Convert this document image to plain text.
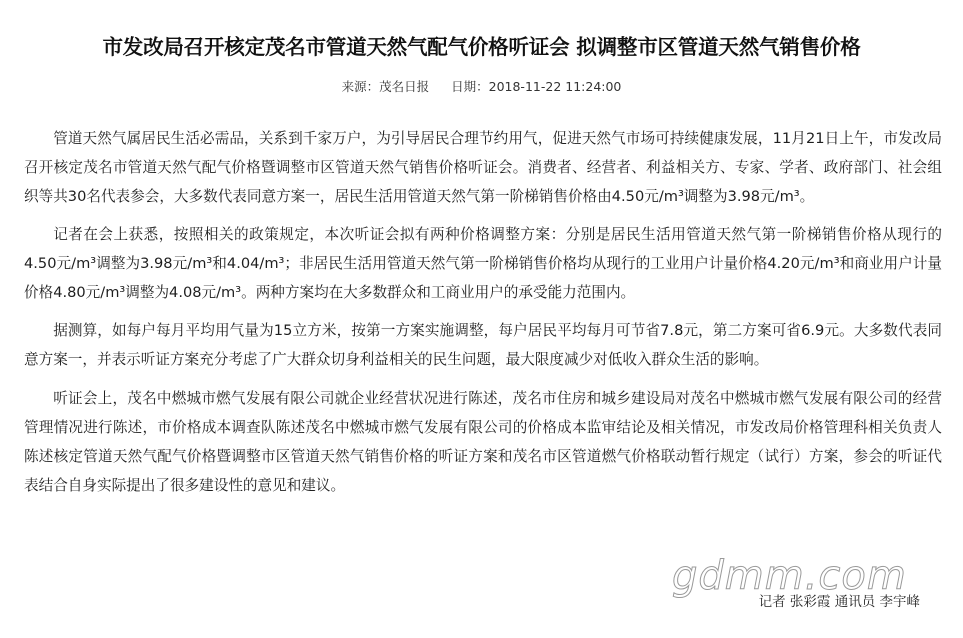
市发改局召开核定茂名市管道天然气配气价格听证会 拟调整市区管道天然气销售价格
来源：茂名日报 日期：2018-11-22 11:24:00

管道天然气属居民生活必需品，关系到千家万户，为引导居民合理节约用气，促进天然气市场可持续健康发展，11月21日上午，市发改局召开核定茂名市管道天然气配气价格暨调整市区管道天然气销售价格听证会。消费者、经营者、利益相关方、专家、学者、政府部门、社会组织等共30名代表参会，大多数代表同意方案一，居民生活用管道天然气第一阶梯销售价格由4.50元/m³调整为3.98元/m³。

记者在会上获悉，按照相关的政策规定，本次听证会拟有两种价格调整方案：分别是居民生活用管道天然气第一阶梯销售价格从现行的4.50元/m³调整为3.98元/m³和4.04/m³；非居民生活用管道天然气第一阶梯销售价格均从现行的工业用户计量价格4.20元/m³和商业用户计量价格4.80元/m³调整为4.08元/m³。两种方案均在大多数群众和工商业用户的承受能力范围内。

据测算，如每户每月平均用气量为15立方米，按第一方案实施调整，每户居民平均每月可节省7.8元，第二方案可省6.9元。大多数代表同意方案一，并表示听证方案充分考虑了广大群众切身利益相关的民生问题，最大限度减少对低收入群众生活的影响。

听证会上，茂名中燃城市燃气发展有限公司就企业经营状况进行陈述，茂名市住房和城乡建设局对茂名中燃城市燃气发展有限公司的经营管理情况进行陈述，市价格成本调查队陈述茂名中燃城市燃气发展有限公司的价格成本监审结论及相关情况，市发改局价格管理科相关负责人陈述核定管道天然气配气价格暨调整市区管道天然气销售价格的听证方案和茂名市区管道燃气价格联动暂行规定（试行）方案，参会的听证代表结合自身实际提出了很多建设性的意见和建议。

gdmm.com
记者 张彩霞 通讯员 李宇峰
